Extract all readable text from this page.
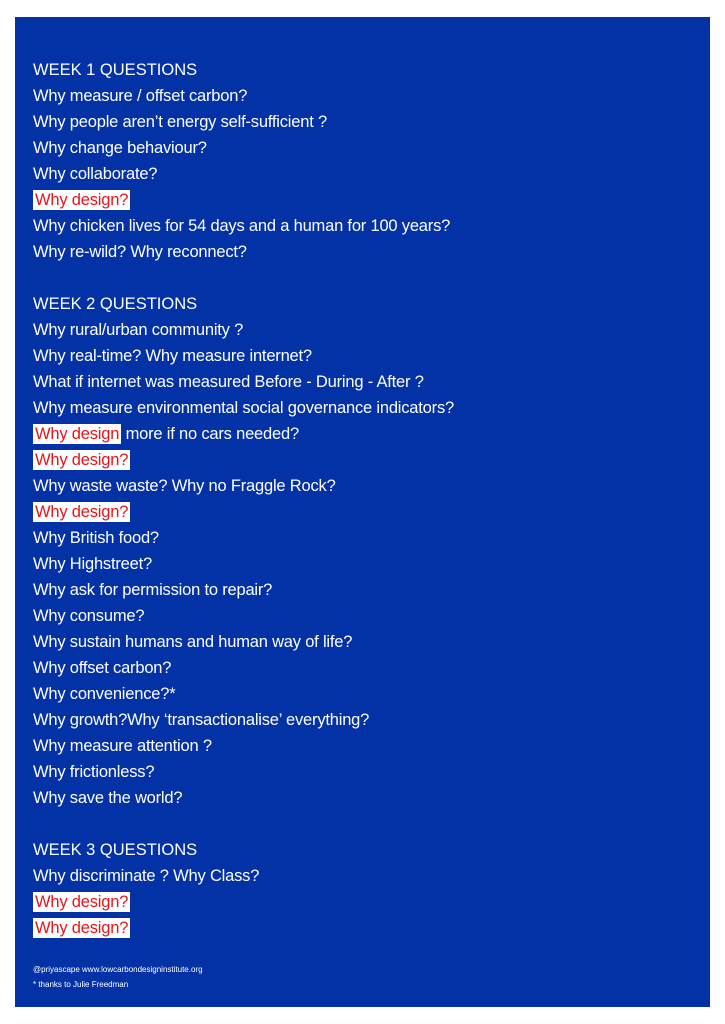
WEEK 1 QUESTIONS
Why measure / offset carbon?
Why people aren’t energy self-sufficient ?
Why change behaviour?
Why collaborate?
Why design?
Why chicken lives for 54 days and a human for 100 years?
Why re-wild? Why reconnect?
WEEK 2 QUESTIONS
Why rural/urban community ?
Why real-time? Why measure internet?
What if internet was measured Before - During - After ?
Why measure environmental social governance indicators?
Why design more if no cars needed?
Why design?
Why waste waste? Why no Fraggle Rock?
Why design?
Why British food?
Why Highstreet?
Why ask for permission to repair?
Why consume?
Why sustain humans and human way of life?
Why offset carbon?
Why convenience?*
Why growth?Why ‘transactionalise’ everything?
Why measure attention ?
Why frictionless?
Why save the world?
WEEK 3 QUESTIONS
Why discriminate ? Why Class?
Why design?
Why design?
@priyascape www.lowcarbondesigninstitute.org
* thanks to Julie Freedman
